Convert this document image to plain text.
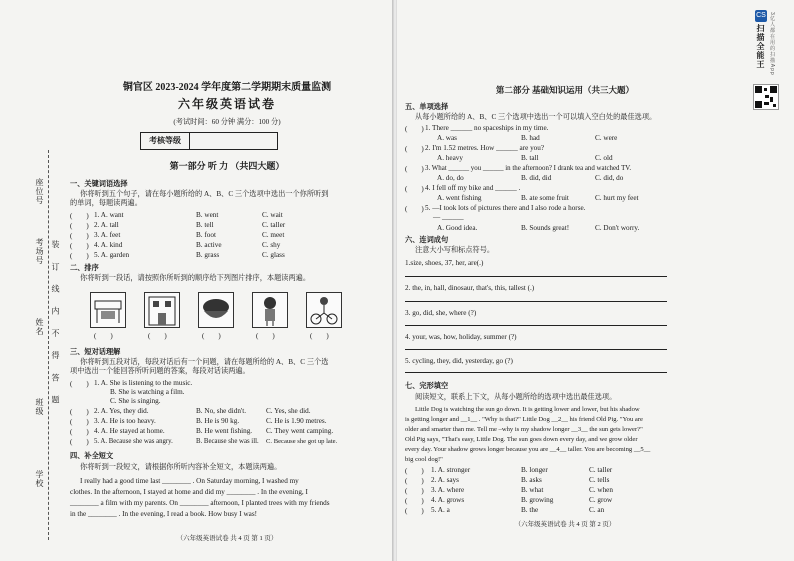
座位号
考场号
姓名
班级
学校
装 订 线 内 不 得 答 题
铜官区 2023-2024 学年度第二学期期末质量监测
六年级英语试卷
(考试时间：60 分钟 满分：100 分)
考核等级
第一部分 听 力 （共四大题）
一、关键词语选择
你将听到五个句子，请在每小题所给的 A、B、C 三个选项中选出一个你所听到
的单词，每题读两遍。
(　　) 1. A. want	B. went	C. wait
(　　) 2. A. tall	B. tell	C. taller
(　　) 3. A. feet	B. foot	C. meet
(　　) 4. A. kind	B. active	C. shy
(　　) 5. A. garden	B. grass	C. glass
二、排序
你将听到一段话，请按照你所听到的顺序给下列图片排序，本题读两遍。
(　　)	(　　)	(　　)	(　　)	(　　)
三、短对话理解
你将听到五段对话，每段对话后有一个问题，请在每题所给的 A、B、C 三个选
项中选出一个能回答所听问题的答案，每段对话读两遍。
(　　) 1. A. She is listening to the music.
B. She is watching a film.
C. She is singing.
(　　) 2. A. Yes, they did.	B. No, she didn't.	C. Yes, she did.
(　　) 3. A. He is too heavy.	B. He is 90 kg.	C. He is 1.90 metres.
(　　) 4. A. He stayed at home.	B. He went fishing. C. They went camping.
(　　) 5. A. Because she was angry.	B. Because she was ill. C. Because she got up late.
四、补全短文
你将听到一段短文，请根据你所听内容补全短文，本题读两遍。
I really had a good time last ________ . On Saturday morning, I washed my
clothes. In the afternoon, I stayed at home and did my ________ . In the evening, I
________ a film with my parents. On ________ afternoon, I planted trees with my friends
in the ________ . In the evening, I read a book. How busy I was!
（六年级英语试卷 共 4 页 第 1 页）
第二部分 基础知识运用（共三大题）
五、单项选择
从每小题所给的 A、B、C 三个选项中选出一个可以填入空白处的最佳选项。
(　　) 1. There ______ no spaceships in my time.
A. was	B. had	C. were
(　　) 2. I'm 1.52 metres. How ______ are you?
A. heavy	B. tall	C. old
(　　) 3. What ______ you ______ in the afternoon? I drank tea and watched TV.
A. do, do	B. did, did	C. did, do
(　　) 4. I fell off my bike and ______ .
A. went fishing	B. ate some fruit	C. hurt my feet
(　　) 5. —I took lots of pictures there and I also rode a horse.
— ______
A. Good idea.	B. Sounds great!	C. Don't worry.
六、连词成句
注意大小写和标点符号。
1.size, shoes, 37, her, are(.)
2. the, in, hall, dinosaur, that's, this, tallest (.)
3. go, did, she, where (?)
4. your, was, how, holiday, summer (?)
5. cycling, they, did, yesterday, go (?)
七、完形填空
阅读短文，联系上下文，从每小题所给的选项中选出最佳选项。
Little Dog is watching the sun go down. It is getting lower and lower, but his shadow
is getting longer and __1__ . "Why is that?" Little Dog __2__ his friend Old Pig. "You are
older and smarter than me. Tell me –why is my shadow longer __3__ the sun gets lower?"
Old Pig says, "That's easy, Little Dog. The sun goes down every day, and we grow older
every day. Your shadow grows longer because you are __4__ taller. You are becoming __5__
big cool dog!"
(　　) 1. A. stronger	B. longer	C. taller
(　　) 2. A. says	B. asks	C. tells
(　　) 3. A. where	B. what	C. when
(　　) 4. A. grows	B. growing	C. grow
(　　) 5. A. a	B. the	C. an
（六年级英语试卷 共 4 页 第 2 页）
CS
扫描全能王 3亿人都在用的扫描App
